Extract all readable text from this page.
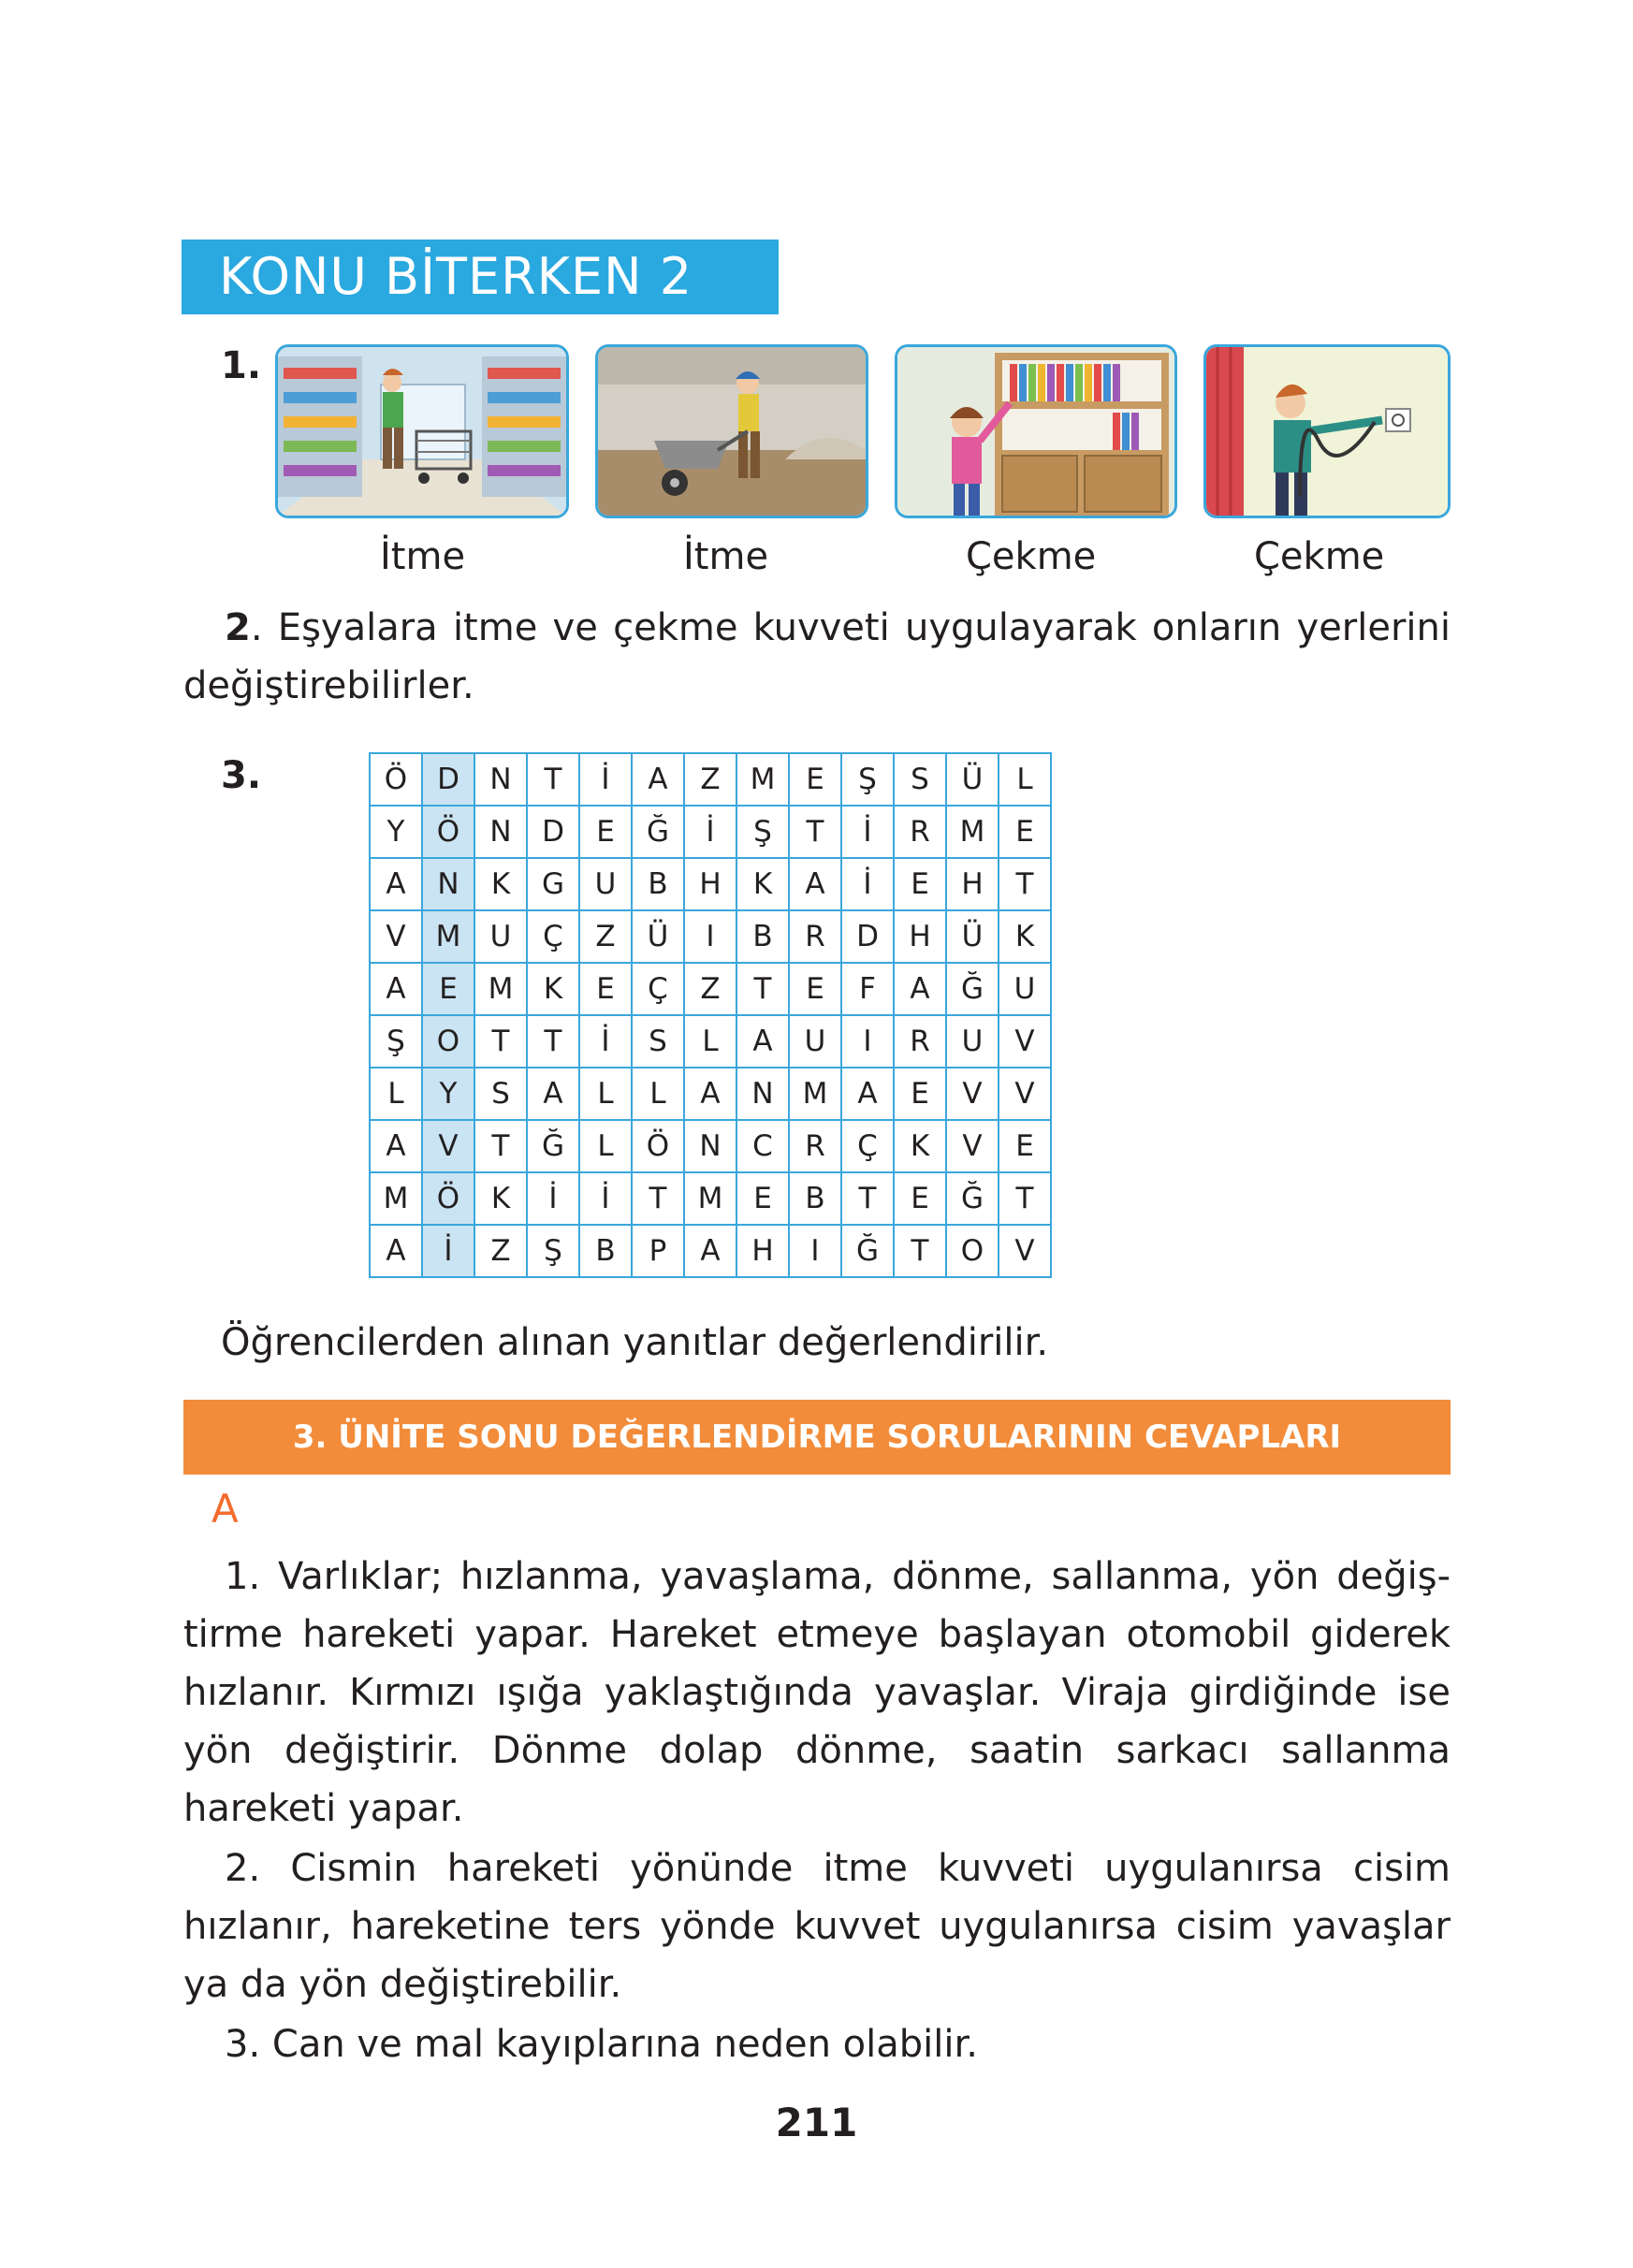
KONU BİTERKEN 2
1.
İtme	İtme	Çekme	Çekme
2. Eşyalara itme ve çekme kuvveti uygulayarak onların yerlerini değiştirebilirler.
3.	Ö	D	N	T	İ	A	Z	M	E	Ş	S	Ü	L
Y	Ö	N	D	E	Ğ	İ	Ş	T	İ	R	M	E
A	N	K	G	U	B	H	K	A	İ	E	H	T
V	M	U	Ç	Z	Ü	I	B	R	D	H	Ü	K
A	E	M	K	E	Ç	Z	T	E	F	A	Ğ	U
Ş	O	T	T	İ	S	L	A	U	I	R	U	V
L	Y	S	A	L	L	A	N	M	A	E	V	V
A	V	T	Ğ	L	Ö	N	C	R	Ç	K	V	E
M	Ö	K	İ	İ	T	M	E	B	T	E	Ğ	T
A	İ	Z	Ş	B	P	A	H	I	Ğ	T	O	V
Öğrencilerden alınan yanıtlar değerlendirilir.
3. ÜNİTE SONU DEĞERLENDİRME SORULARININ CEVAPLARI
A
1. Varlıklar; hızlanma, yavaşlama, dönme, sallanma, yön değiş-tirme hareketi yapar. Hareket etmeye başlayan otomobil giderek hızlanır. Kırmızı ışığa yaklaştığında yavaşlar. Viraja girdiğinde ise yön değiştirir. Dönme dolap dönme, saatin sarkacı sallanma hareketi yapar.
2. Cismin hareketi yönünde itme kuvveti uygulanırsa cisim hızlanır, hareketine ters yönde kuvvet uygulanırsa cisim yavaşlar ya da yön değiştirebilir.
3. Can ve mal kayıplarına neden olabilir.
211
